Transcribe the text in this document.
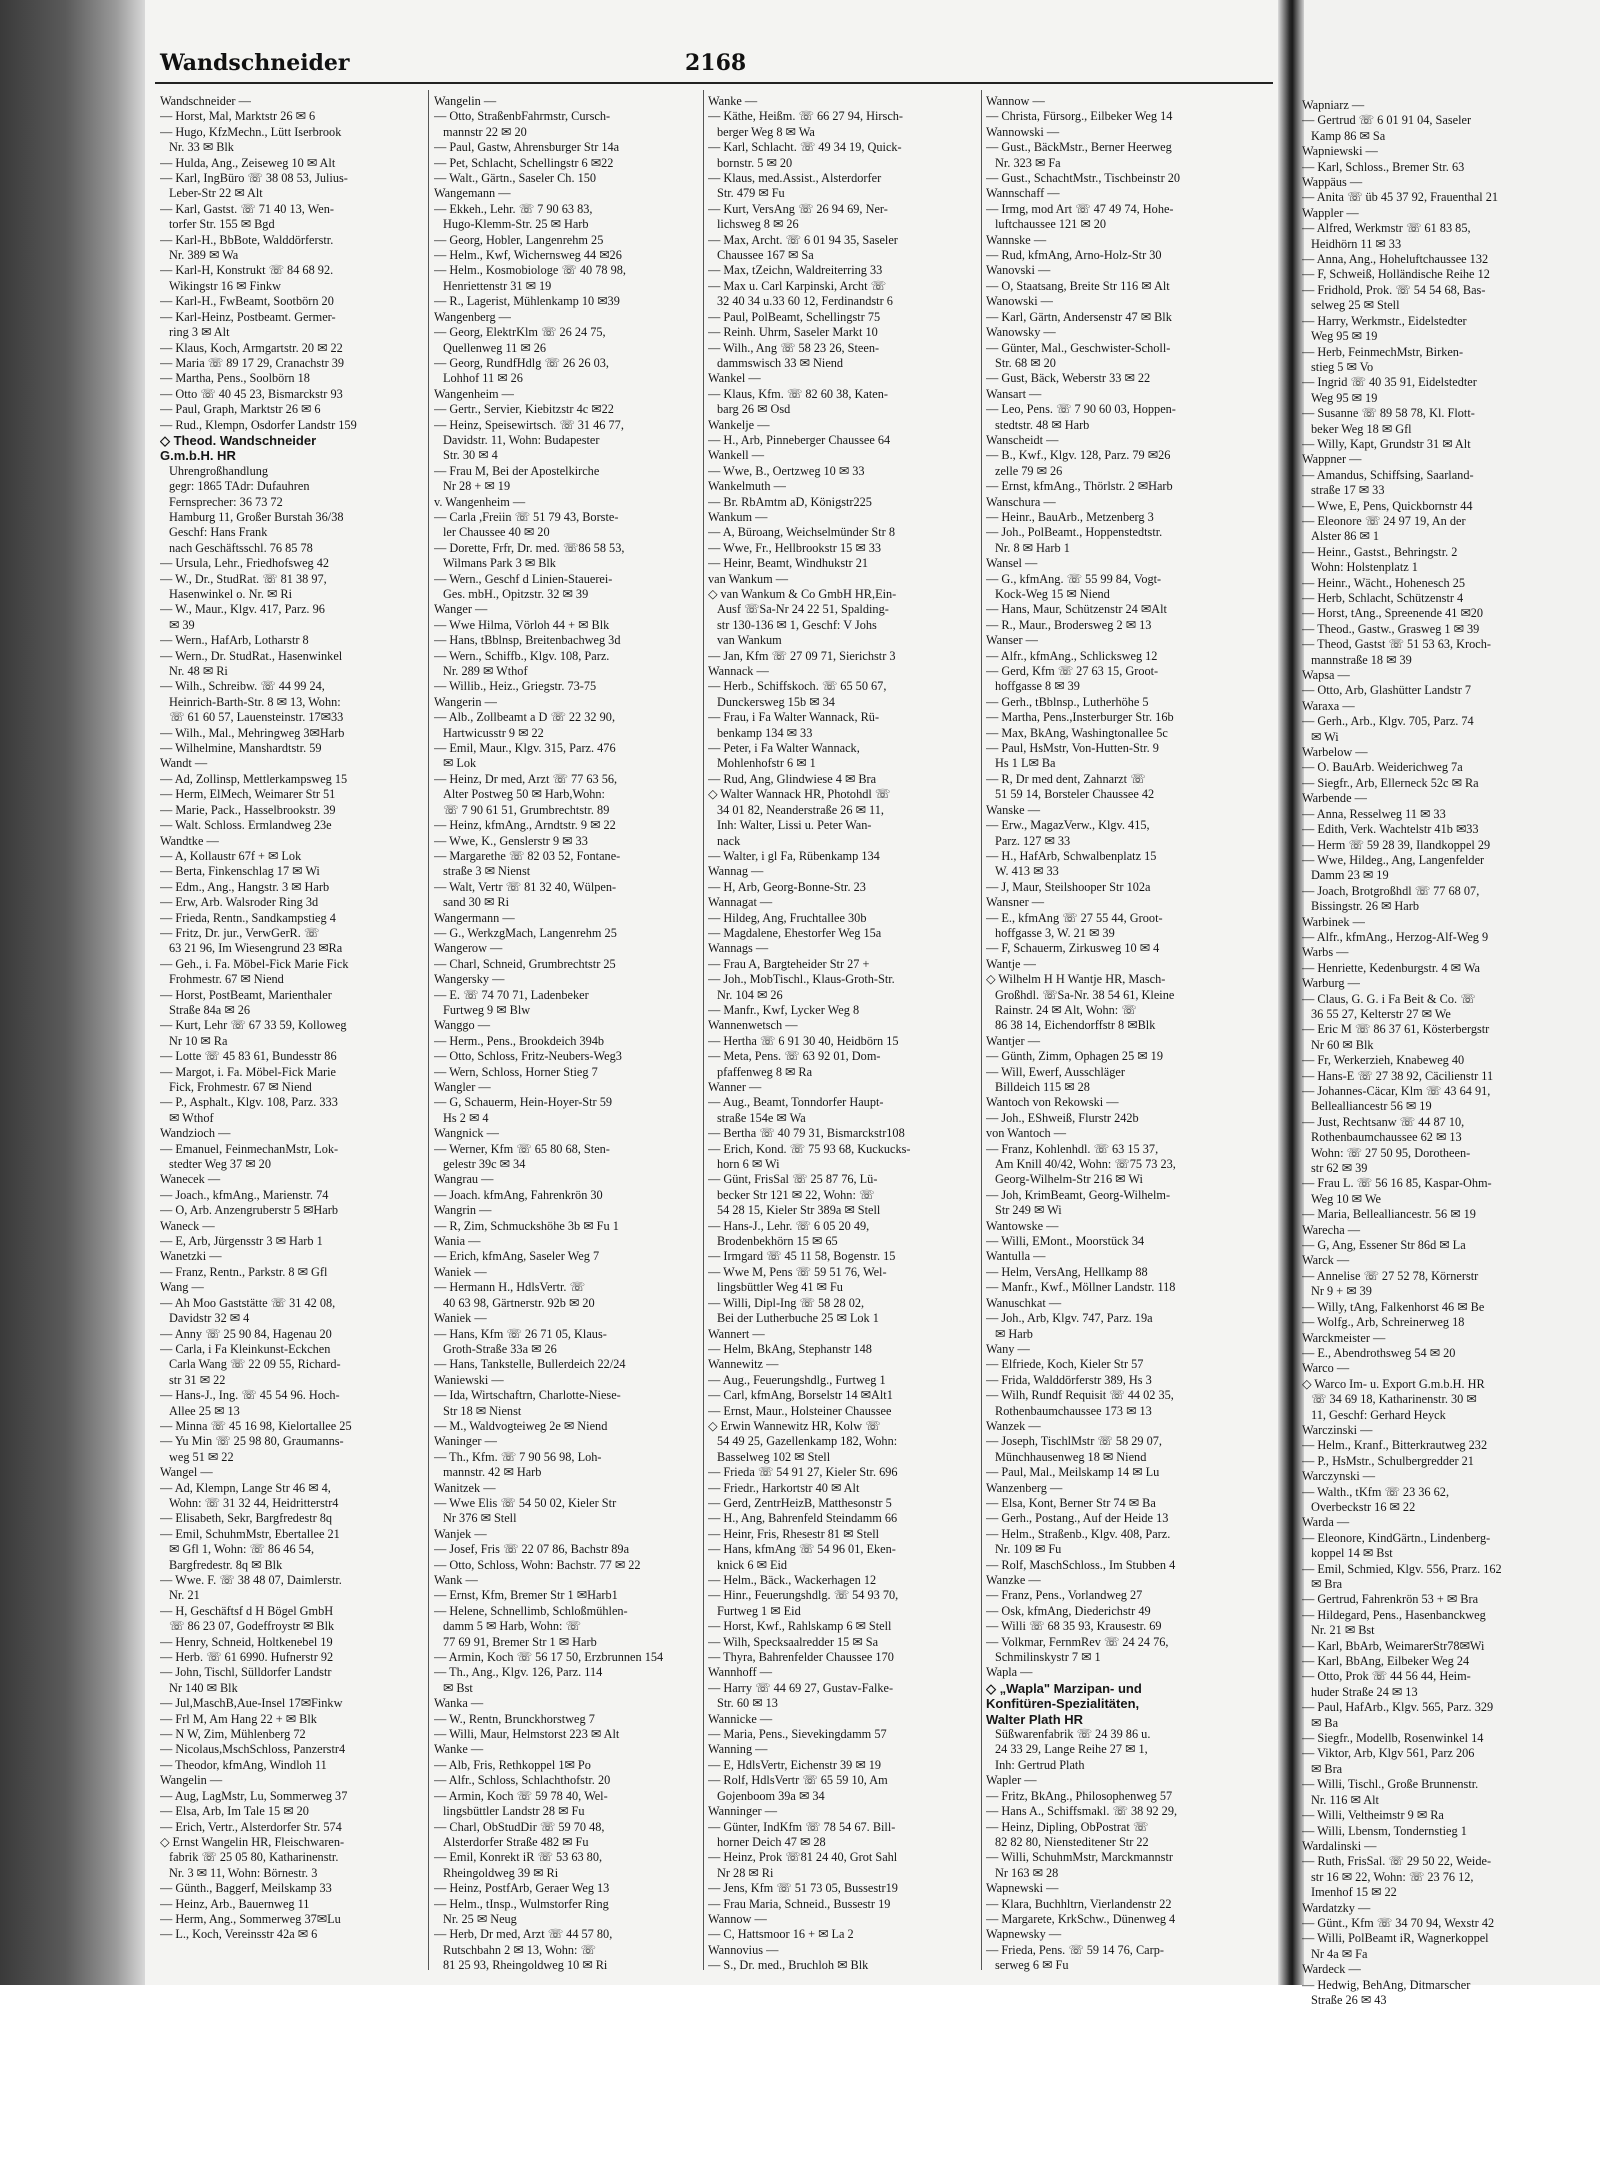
Wandschneider	2168
Wandschneider —
— Horst, Mal, Marktstr 26 ✉ 6
— Hugo, KfzMechn., Lütt Iserbrook
Nr. 33 ✉ Blk
— Hulda, Ang., Zeiseweg 10 ✉ Alt
— Karl, IngBüro ☏ 38 08 53, Julius-
Leber-Str 22 ✉ Alt
— Karl, Gastst. ☏ 71 40 13, Wen-
torfer Str. 155 ✉ Bgd
— Karl-H., BbBote, Walddörferstr.
Nr. 389 ✉ Wa
— Karl-H, Konstrukt ☏ 84 68 92.
Wikingstr 16 ✉ Finkw
— Karl-H., FwBeamt, Sootbörn 20
— Karl-Heinz, Postbeamt. Germer-
ring 3 ✉ Alt
— Klaus, Koch, Armgartstr. 20 ✉ 22
— Maria ☏ 89 17 29, Cranachstr 39
— Martha, Pens., Soolbörn 18
— Otto ☏ 40 45 23, Bismarckstr 93
— Paul, Graph, Marktstr 26 ✉ 6
— Rud., Klempn, Osdorfer Landstr 159
◇ Theod. Wandschneider
G.m.b.H. HR
Uhrengroßhandlung
gegr: 1865 TAdr: Dufauhren
Fernsprecher: 36 73 72
Hamburg 11, Großer Burstah 36/38
Geschf: Hans Frank
nach Geschäftsschl. 76 85 78
— Ursula, Lehr., Friedhofsweg 42
— W., Dr., StudRat. ☏ 81 38 97,
Hasenwinkel o. Nr. ✉ Ri
— W., Maur., Klgv. 417, Parz. 96
✉ 39
— Wern., HafArb, Lotharstr 8
— Wern., Dr. StudRat., Hasenwinkel
Nr. 48 ✉ Ri
— Wilh., Schreibw. ☏ 44 99 24,
Heinrich-Barth-Str. 8 ✉ 13, Wohn:
☏ 61 60 57, Lauensteinstr. 17✉33
— Wilh., Mal., Mehringweg 3✉Harb
— Wilhelmine, Manshardtstr. 59
Wandt —
— Ad, Zollinsp, Mettlerkampsweg 15
— Herm, ElMech, Weimarer Str 51
— Marie, Pack., Hasselbrookstr. 39
— Walt. Schloss. Ermlandweg 23e
Wandtke —
— A, Kollaustr 67f + ✉ Lok
— Berta, Finkenschlag 17 ✉ Wi
— Edm., Ang., Hangstr. 3 ✉ Harb
— Erw, Arb. Walsroder Ring 3d
— Frieda, Rentn., Sandkampstieg 4
— Fritz, Dr. jur., VerwGerR. ☏
63 21 96, Im Wiesengrund 23 ✉Ra
— Geh., i. Fa. Möbel-Fick Marie Fick
Frohmestr. 67 ✉ Niend
— Horst, PostBeamt, Marienthaler
Straße 84a ✉ 26
— Kurt, Lehr ☏ 67 33 59, Kolloweg
Nr 10 ✉ Ra
— Lotte ☏ 45 83 61, Bundesstr 86
— Margot, i. Fa. Möbel-Fick Marie
Fick, Frohmestr. 67 ✉ Niend
— P., Asphalt., Klgv. 108, Parz. 333
✉ Wthof
Wandzioch —
— Emanuel, FeinmechanMstr, Lok-
stedter Weg 37 ✉ 20
Wanecek —
— Joach., kfmAng., Marienstr. 74
— O, Arb. Anzengruberstr 5 ✉Harb
Waneck —
— E, Arb, Jürgensstr 3 ✉ Harb 1
Wanetzki —
— Franz, Rentn., Parkstr. 8 ✉ Gfl
Wang —
— Ah Moo Gaststätte ☏ 31 42 08,
Davidstr 32 ✉ 4
— Anny ☏ 25 90 84, Hagenau 20
— Carla, i Fa Kleinkunst-Eckchen
Carla Wang ☏ 22 09 55, Richard-
str 31 ✉ 22
— Hans-J., Ing. ☏ 45 54 96. Hoch-
Allee 25 ✉ 13
— Minna ☏ 45 16 98, Kielortallee 25
— Yu Min ☏ 25 98 80, Graumanns-
weg 51 ✉ 22
Wangel —
— Ad, Klempn, Lange Str 46 ✉ 4,
Wohn: ☏ 31 32 44, Heidritterstr4
— Elisabeth, Sekr, Bargfredestr 8q
— Emil, SchuhmMstr, Ebertallee 21
✉ Gfl 1, Wohn: ☏ 86 46 54,
Bargfredestr. 8q ✉ Blk
— Wwe. F. ☏ 38 48 07, Daimlerstr.
Nr. 21
— H, Geschäftsf d H Bögel GmbH
☏ 86 23 07, Godeffroystr ✉ Blk
— Henry, Schneid, Holtkenebel 19
— Herb. ☏ 61 6990. Hufnerstr 92
— John, Tischl, Sülldorfer Landstr
Nr 140 ✉ Blk
— Jul,MaschB,Aue-Insel 17✉Finkw
— Frl M, Am Hang 22 + ✉ Blk
— N W, Zim, Mühlenberg 72
— Nicolaus,MschSchloss, Panzerstr4
— Theodor, kfmAng, Windloh 11
Wangelin —
— Aug, LagMstr, Lu, Sommerweg 37
— Elsa, Arb, Im Tale 15 ✉ 20
— Erich, Vertr., Alsterdorfer Str. 574
◇ Ernst Wangelin HR, Fleischwaren-
fabrik ☏ 25 05 80, Katharinenstr.
Nr. 3 ✉ 11, Wohn: Börnestr. 3
— Günth., Baggerf, Meilskamp 33
— Heinz, Arb., Bauernweg 11
— Herm, Ang., Sommerweg 37✉Lu
— L., Koch, Vereinsstr 42a ✉ 6
Wangelin —
— Otto, StraßenbFahrmstr, Cursch-
mannstr 22 ✉ 20
— Paul, Gastw, Ahrensburger Str 14a
— Pet, Schlacht, Schellingstr 6 ✉22
— Walt., Gärtn., Saseler Ch. 150
Wangemann —
— Ekkeh., Lehr. ☏ 7 90 63 83,
Hugo-Klemm-Str. 25 ✉ Harb
— Georg, Hobler, Langenrehm 25
— Helm., Kwf, Wichernsweg 44 ✉26
— Helm., Kosmobiologe ☏ 40 78 98,
Henriettenstr 31 ✉ 19
— R., Lagerist, Mühlenkamp 10 ✉39
Wangenberg —
— Georg, ElektrKlm ☏ 26 24 75,
Quellenweg 11 ✉ 26
— Georg, RundfHdlg ☏ 26 26 03,
Lohhof 11 ✉ 26
Wangenheim —
— Gertr., Servier, Kiebitzstr 4c ✉22
— Heinz, Speisewirtsch. ☏ 31 46 77,
Davidstr. 11, Wohn: Budapester
Str. 30 ✉ 4
— Frau M, Bei der Apostelkirche
Nr 28 + ✉ 19
v. Wangenheim —
— Carla ,Freiin ☏ 51 79 43, Borste-
ler Chaussee 40 ✉ 20
— Dorette, Frfr, Dr. med. ☏86 58 53,
Wilmans Park 3 ✉ Blk
— Wern., Geschf d Linien-Stauerei-
Ges. mbH., Opitzstr. 32 ✉ 39
Wanger —
— Wwe Hilma, Vörloh 44 + ✉ Blk
— Hans, tBblnsp, Breitenbachweg 3d
— Wern., Schiffb., Klgv. 108, Parz.
Nr. 289 ✉ Wthof
— Willib., Heiz., Griegstr. 73-75
Wangerin —
— Alb., Zollbeamt a D ☏ 22 32 90,
Hartwicusstr 9 ✉ 22
— Emil, Maur., Klgv. 315, Parz. 476
✉ Lok
— Heinz, Dr med, Arzt ☏ 77 63 56,
Alter Postweg 50 ✉ Harb,Wohn:
☏ 7 90 61 51, Grumbrechtstr. 89
— Heinz, kfmAng., Arndtstr. 9 ✉ 22
— Wwe, K., Genslerstr 9 ✉ 33
— Margarethe ☏ 82 03 52, Fontane-
straße 3 ✉ Nienst
— Walt, Vertr ☏ 81 32 40, Wülpen-
sand 30 ✉ Ri
Wangermann —
— G., WerkzgMach, Langenrehm 25
Wangerow —
— Charl, Schneid, Grumbrechtstr 25
Wangersky —
— E. ☏ 74 70 71, Ladenbeker
Furtweg 9 ✉ Blw
Wanggo —
— Herm., Pens., Brookdeich 394b
— Otto, Schloss, Fritz-Neubers-Weg3
— Wern, Schloss, Horner Stieg 7
Wangler —
— G, Schauerm, Hein-Hoyer-Str 59
Hs 2 ✉ 4
Wangnick —
— Werner, Kfm ☏ 65 80 68, Sten-
gelestr 39c ✉ 34
Wangrau —
— Joach. kfmAng, Fahrenkrön 30
Wangrin —
— R, Zim, Schmuckshöhe 3b ✉ Fu 1
Wania —
— Erich, kfmAng, Saseler Weg 7
Waniek —
— Hermann H., HdlsVertr. ☏
40 63 98, Gärtnerstr. 92b ✉ 20
Waniek —
— Hans, Kfm ☏ 26 71 05, Klaus-
Groth-Straße 33a ✉ 26
— Hans, Tankstelle, Bullerdeich 22/24
Waniewski —
— Ida, Wirtschaftrn, Charlotte-Niese-
Str 18 ✉ Nienst
— M., Waldvogteiweg 2e ✉ Niend
Waninger —
— Th., Kfm. ☏ 7 90 56 98, Loh-
mannstr. 42 ✉ Harb
Wanitzek —
— Wwe Elis ☏ 54 50 02, Kieler Str
Nr 376 ✉ Stell
Wanjek —
— Josef, Fris ☏ 22 07 86, Bachstr 89a
— Otto, Schloss, Wohn: Bachstr. 77 ✉ 22
Wank —
— Ernst, Kfm, Bremer Str 1 ✉Harb1
— Helene, Schnellimb, Schloßmühlen-
damm 5 ✉ Harb, Wohn: ☏
77 69 91, Bremer Str 1 ✉ Harb
— Armin, Koch ☏ 56 17 50, Erzbrunnen 154
— Th., Ang., Klgv. 126, Parz. 114
✉ Bst
Wanka —
— W., Rentn, Brunckhorstweg 7
— Willi, Maur, Helmstorst 223 ✉ Alt
Wanke —
— Alb, Fris, Rethkoppel 1✉ Po
— Alfr., Schloss, Schlachthofstr. 20
— Armin, Koch ☏ 59 78 40, Wel-
lingsbüttler Landstr 28 ✉ Fu
— Charl, ObStudDir ☏ 59 70 48,
Alsterdorfer Straße 482 ✉ Fu
— Emil, Konrekt iR ☏ 53 63 80,
Rheingoldweg 39 ✉ Ri
— Heinz, PostfArb, Geraer Weg 13
— Helm., tInsp., Wulmstorfer Ring
Nr. 25 ✉ Neug
— Herb, Dr med, Arzt ☏ 44 57 80,
Rutschbahn 2 ✉ 13, Wohn: ☏
81 25 93, Rheingoldweg 10 ✉ Ri
Wanke —
— Käthe, Heißm. ☏ 66 27 94, Hirsch-
berger Weg 8 ✉ Wa
— Karl, Schlacht. ☏ 49 34 19, Quick-
bornstr. 5 ✉ 20
— Klaus, med.Assist., Alsterdorfer
Str. 479 ✉ Fu
— Kurt, VersAng ☏ 26 94 69, Ner-
lichsweg 8 ✉ 26
— Max, Archt. ☏ 6 01 94 35, Saseler
Chaussee 167 ✉ Sa
— Max, tZeichn, Waldreiterring 33
— Max u. Carl Karpinski, Archt ☏
32 40 34 u.33 60 12, Ferdinandstr 6
— Paul, PolBeamt, Schellingstr 75
— Reinh. Uhrm, Saseler Markt 10
— Wilh., Ang ☏ 58 23 26, Steen-
dammswisch 33 ✉ Niend
Wankel —
— Klaus, Kfm. ☏ 82 60 38, Katen-
barg 26 ✉ Osd
Wankelje —
— H., Arb, Pinneberger Chaussee 64
Wankell —
— Wwe, B., Oertzweg 10 ✉ 33
Wankelmuth —
— Br. RbAmtm aD, Königstr225
Wankum —
— A, Büroang, Weichselmünder Str 8
— Wwe, Fr., Hellbrookstr 15 ✉ 33
— Heinr, Beamt, Windhukstr 21
van Wankum —
◇ van Wankum & Co GmbH HR,Ein-
Ausf ☏Sa-Nr 24 22 51, Spalding-
str 130-136 ✉ 1, Geschf: V Johs
van Wankum
— Jan, Kfm ☏ 27 09 71, Sierichstr 3
Wannack —
— Herb., Schiffskoch. ☏ 65 50 67,
Dunckersweg 15b ✉ 34
— Frau, i Fa Walter Wannack, Rü-
benkamp 134 ✉ 33
— Peter, i Fa Walter Wannack,
Mohlenhofstr 6 ✉ 1
— Rud, Ang, Glindwiese 4 ✉ Bra
◇ Walter Wannack HR, Photohdl ☏
34 01 82, Neanderstraße 26 ✉ 11,
Inh: Walter, Lissi u. Peter Wan-
nack
— Walter, i gl Fa, Rübenkamp 134
Wannag —
— H, Arb, Georg-Bonne-Str. 23
Wannagat —
— Hildeg, Ang, Fruchtallee 30b
— Magdalene, Ehestorfer Weg 15a
Wannags —
— Frau A, Bargteheider Str 27 +
— Joh., MobTischl., Klaus-Groth-Str.
Nr. 104 ✉ 26
— Manfr., Kwf, Lycker Weg 8
Wannenwetsch —
— Hertha ☏ 6 91 30 40, Heidbörn 15
— Meta, Pens. ☏ 63 92 01, Dom-
pfaffenweg 8 ✉ Ra
Wanner —
— Aug., Beamt, Tonndorfer Haupt-
straße 154e ✉ Wa
— Bertha ☏ 40 79 31, Bismarckstr108
— Erich, Kond. ☏ 75 93 68, Kuckucks-
horn 6 ✉ Wi
— Günt, FrisSal ☏ 25 87 76, Lü-
becker Str 121 ✉ 22, Wohn: ☏
54 28 15, Kieler Str 389a ✉ Stell
— Hans-J., Lehr. ☏ 6 05 20 49,
Brodenbekhörn 15 ✉ 65
— Irmgard ☏ 45 11 58, Bogenstr. 15
— Wwe M, Pens ☏ 59 51 76, Wel-
lingsbüttler Weg 41 ✉ Fu
— Willi, Dipl-Ing ☏ 58 28 02,
Bei der Lutherbuche 25 ✉ Lok 1
Wannert —
— Helm, BkAng, Stephanstr 148
Wannewitz —
— Aug., Feuerungshdlg., Furtweg 1
— Carl, kfmAng, Borselstr 14 ✉Alt1
— Ernst, Maur., Holsteiner Chaussee
◇ Erwin Wannewitz HR, Kolw ☏
54 49 25, Gazellenkamp 182, Wohn:
Basselweg 102 ✉ Stell
— Frieda ☏ 54 91 27, Kieler Str. 696
— Friedr., Harkortstr 40 ✉ Alt
— Gerd, ZentrHeizB, Matthesonstr 5
— H., Ang, Bahrenfeld Steindamm 66
— Heinr, Fris, Rhesestr 81 ✉ Stell
— Hans, kfmAng ☏ 54 96 01, Eken-
knick 6 ✉ Eid
— Helm., Bäck., Wackerhagen 12
— Hinr., Feuerungshdlg. ☏ 54 93 70,
Furtweg 1 ✉ Eid
— Horst, Kwf., Rahlskamp 6 ✉ Stell
— Wilh, Specksaalredder 15 ✉ Sa
— Thyra, Bahrenfelder Chaussee 170
Wannhoff —
— Harry ☏ 44 69 27, Gustav-Falke-
Str. 60 ✉ 13
Wannicke —
— Maria, Pens., Sievekingdamm 57
Wanning —
— E, HdlsVertr, Eichenstr 39 ✉ 19
— Rolf, HdlsVertr ☏ 65 59 10, Am
Gojenboom 39a ✉ 34
Wanninger —
— Günter, IndKfm ☏ 78 54 67. Bill-
horner Deich 47 ✉ 28
— Heinz, Prok ☏81 24 40, Grot Sahl
Nr 28 ✉ Ri
— Jens, Kfm ☏ 51 73 05, Bussestr19
— Frau Maria, Schneid., Bussestr 19
Wannow —
— C, Hattsmoor 16 + ✉ La 2
Wannovius —
— S., Dr. med., Bruchloh ✉ Blk
Wannow —
— Christa, Fürsorg., Eilbeker Weg 14
Wannowski —
— Gust., BäckMstr., Berner Heerweg
Nr. 323 ✉ Fa
— Gust., SchachtMstr., Tischbeinstr 20
Wannschaff —
— Irmg, mod Art ☏ 47 49 74, Hohe-
luftchaussee 121 ✉ 20
Wannske —
— Rud, kfmAng, Arno-Holz-Str 30
Wanovski —
— O, Staatsang, Breite Str 116 ✉ Alt
Wanowski —
— Karl, Gärtn, Andersenstr 47 ✉ Blk
Wanowsky —
— Günter, Mal., Geschwister-Scholl-
Str. 68 ✉ 20
— Gust, Bäck, Weberstr 33 ✉ 22
Wansart —
— Leo, Pens. ☏ 7 90 60 03, Hoppen-
stedtstr. 48 ✉ Harb
Wanscheidt —
— B., Kwf., Klgv. 128, Parz. 79 ✉26
zelle 79 ✉ 26
— Ernst, kfmAng., Thörlstr. 2 ✉Harb
Wanschura —
— Heinr., BauArb., Metzenberg 3
— Joh., PolBeamt., Hoppenstedtstr.
Nr. 8 ✉ Harb 1
Wansel —
— G., kfmAng. ☏ 55 99 84, Vogt-
Kock-Weg 15 ✉ Niend
— Hans, Maur, Schützenstr 24 ✉Alt
— R., Maur., Brodersweg 2 ✉ 13
Wanser —
— Alfr., kfmAng., Schlicksweg 12
— Gerd, Kfm ☏ 27 63 15, Groot-
hoffgasse 8 ✉ 39
— Gerh., tBblnsp., Lutherhöhe 5
— Martha, Pens.,Insterburger Str. 16b
— Max, BkAng, Washingtonallee 5c
— Paul, HsMstr, Von-Hutten-Str. 9
Hs 1 L✉ Ba
— R, Dr med dent, Zahnarzt ☏
51 59 14, Borsteler Chaussee 42
Wanske —
— Erw., MagazVerw., Klgv. 415,
Parz. 127 ✉ 33
— H., HafArb, Schwalbenplatz 15
W. 413 ✉ 33
— J, Maur, Steilshooper Str 102a
Wansner —
— E., kfmAng ☏ 27 55 44, Groot-
hoffgasse 3, W. 21 ✉ 39
— F, Schauerm, Zirkusweg 10 ✉ 4
Wantje —
◇ Wilhelm H H Wantje HR, Masch-
Großhdl. ☏Sa-Nr. 38 54 61, Kleine
Rainstr. 24 ✉ Alt, Wohn: ☏
86 38 14, Eichendorffstr 8 ✉Blk
Wantjer —
— Günth, Zimm, Ophagen 25 ✉ 19
— Will, Ewerf, Ausschläger
Billdeich 115 ✉ 28
Wantoch von Rekowski —
— Joh., EShweiß, Flurstr 242b
von Wantoch —
— Franz, Kohlenhdl. ☏ 63 15 37,
Am Knill 40/42, Wohn: ☏75 73 23,
Georg-Wilhelm-Str 216 ✉ Wi
— Joh, KrimBeamt, Georg-Wilhelm-
Str 249 ✉ Wi
Wantowske —
— Willi, EMont., Moorstück 34
Wantulla —
— Helm, VersAng, Hellkamp 88
— Manfr., Kwf., Möllner Landstr. 118
Wanuschkat —
— Joh., Arb, Klgv. 747, Parz. 19a
✉ Harb
Wany —
— Elfriede, Koch, Kieler Str 57
— Frida, Walddörferstr 389, Hs 3
— Wilh, Rundf Requisit ☏ 44 02 35,
Rothenbaumchaussee 173 ✉ 13
Wanzek —
— Joseph, TischlMstr ☏ 58 29 07,
Münchhausenweg 18 ✉ Niend
— Paul, Mal., Meilskamp 14 ✉ Lu
Wanzenberg —
— Elsa, Kont, Berner Str 74 ✉ Ba
— Gerh., Postang., Auf der Heide 13
— Helm., Straßenb., Klgv. 408, Parz.
Nr. 109 ✉ Fu
— Rolf, MaschSchloss., Im Stubben 4
Wanzke —
— Franz, Pens., Vorlandweg 27
— Osk, kfmAng, Diederichstr 49
— Willi ☏ 68 35 93, Krausestr. 69
— Volkmar, FernmRev ☏ 24 24 76,
Schmilinskystr 7 ✉ 1
Wapla —
◇ „Wapla" Marzipan- und
Konfitüren-Spezialitäten,
Walter Plath HR
Süßwarenfabrik ☏ 24 39 86 u.
24 33 29, Lange Reihe 27 ✉ 1,
Inh: Gertrud Plath
Wapler —
— Fritz, BkAng., Philosophenweg 57
— Hans A., Schiffsmakl. ☏ 38 92 29,
— Heinz, Dipling, ObPostrat ☏
82 82 80, Niensteditener Str 22
— Willi, SchuhmMstr, Marckmannstr
Nr 163 ✉ 28
Wapnewski —
— Klara, Buchhltrn, Vierlandenstr 22
— Margarete, KrkSchw., Dünenweg 4
Wapnewsky —
— Frieda, Pens. ☏ 59 14 76, Carp-
serweg 6 ✉ Fu
Wapniarz —
— Gertrud ☏ 6 01 91 04, Saseler
Kamp 86 ✉ Sa
Wapniewski —
— Karl, Schloss., Bremer Str. 63
Wappäus —
— Anita ☏ üb 45 37 92, Frauenthal 21
Wappler —
— Alfred, Werkmstr ☏ 61 83 85,
Heidhörn 11 ✉ 33
— Anna, Ang., Hoheluftchaussee 132
— F, Schweiß, Holländische Reihe 12
— Fridhold, Prok. ☏ 54 54 68, Bas-
selweg 25 ✉ Stell
— Harry, Werkmstr., Eidelstedter
Weg 95 ✉ 19
— Herb, FeinmechMstr, Birken-
stieg 5 ✉ Vo
— Ingrid ☏ 40 35 91, Eidelstedter
Weg 95 ✉ 19
— Susanne ☏ 89 58 78, Kl. Flott-
beker Weg 18 ✉ Gfl
— Willy, Kapt, Grundstr 31 ✉ Alt
Wappner —
— Amandus, Schiffsing, Saarland-
straße 17 ✉ 33
— Wwe, E, Pens, Quickbornstr 44
— Eleonore ☏ 24 97 19, An der
Alster 86 ✉ 1
— Heinr., Gastst., Behringstr. 2
Wohn: Holstenplatz 1
— Heinr., Wächt., Hohenesch 25
— Herb, Schlacht, Schützenstr 4
— Horst, tAng., Spreenende 41 ✉20
— Theod., Gastw., Grasweg 1 ✉ 39
— Theod, Gastst ☏ 51 53 63, Kroch-
mannstraße 18 ✉ 39
Wapsa —
— Otto, Arb, Glashütter Landstr 7
Waraxa —
— Gerh., Arb., Klgv. 705, Parz. 74
✉ Wi
Warbelow —
— O. BauArb. Weiderichweg 7a
— Siegfr., Arb, Ellerneck 52c ✉ Ra
Warbende —
— Anna, Resselweg 11 ✉ 33
— Edith, Verk. Wachtelstr 41b ✉33
— Herm ☏ 59 28 39, Ilandkoppel 29
— Wwe, Hildeg., Ang, Langenfelder
Damm 23 ✉ 19
— Joach, Brotgroßhdl ☏ 77 68 07,
Bissingstr. 26 ✉ Harb
Warbinek —
— Alfr., kfmAng., Herzog-Alf-Weg 9
Warbs —
— Henriette, Kedenburgstr. 4 ✉ Wa
Warburg —
— Claus, G. G. i Fa Beit & Co. ☏
36 55 27, Kelterstr 27 ✉ We
— Eric M ☏ 86 37 61, Kösterbergstr
Nr 60 ✉ Blk
— Fr, Werkerzieh, Knabeweg 40
— Hans-E ☏ 27 38 92, Cäcilienstr 11
— Johannes-Cäcar, Klm ☏ 43 64 91,
Bellealliancestr 56 ✉ 19
— Just, Rechtsanw ☏ 44 87 10,
Rothenbaumchaussee 62 ✉ 13
Wohn: ☏ 27 50 95, Dorotheen-
str 62 ✉ 39
— Frau L. ☏ 56 16 85, Kaspar-Ohm-
Weg 10 ✉ We
— Maria, Bellealliancestr. 56 ✉ 19
Warecha —
— G, Ang, Essener Str 86d ✉ La
Warck —
— Annelise ☏ 27 52 78, Körnerstr
Nr 9 + ✉ 39
— Willy, tAng, Falkenhorst 46 ✉ Be
— Wolfg., Arb, Schreinerweg 18
Warckmeister —
— E., Abendrothsweg 54 ✉ 20
Warco —
◇ Warco Im- u. Export G.m.b.H. HR
☏ 34 69 18, Katharinenstr. 30 ✉
11, Geschf: Gerhard Heyck
Warczinski —
— Helm., Kranf., Bitterkrautweg 232
— P., HsMstr., Schulbergredder 21
Warczynski —
— Walth., tKfm ☏ 23 36 62,
Overbeckstr 16 ✉ 22
Warda —
— Eleonore, KindGärtn., Lindenberg-
koppel 14 ✉ Bst
— Emil, Schmied, Klgv. 556, Prarz. 162
✉ Bra
— Gertrud, Fahrenkrön 53 + ✉ Bra
— Hildegard, Pens., Hasenbanckweg
Nr. 21 ✉ Bst
— Karl, BbArb, WeimarerStr78✉Wi
— Karl, BbAng, Eilbeker Weg 24
— Otto, Prok ☏ 44 56 44, Heim-
huder Straße 24 ✉ 13
— Paul, HafArb., Klgv. 565, Parz. 329
✉ Ba
— Siegfr., Modellb, Rosenwinkel 14
— Viktor, Arb, Klgv 561, Parz 206
✉ Bra
— Willi, Tischl., Große Brunnenstr.
Nr. 116 ✉ Alt
— Willi, Veltheimstr 9 ✉ Ra
— Willi, Lbensm, Tondernstieg 1
Wardalinski —
— Ruth, FrisSal. ☏ 29 50 22, Weide-
str 16 ✉ 22, Wohn: ☏ 23 76 12,
Imenhof 15 ✉ 22
Wardatzky —
— Günt., Kfm ☏ 34 70 94, Wexstr 42
— Willi, PolBeamt iR, Wagnerkoppel
Nr 4a ✉ Fa
Wardeck —
— Hedwig, BehAng, Ditmarscher
Straße 26 ✉ 43
